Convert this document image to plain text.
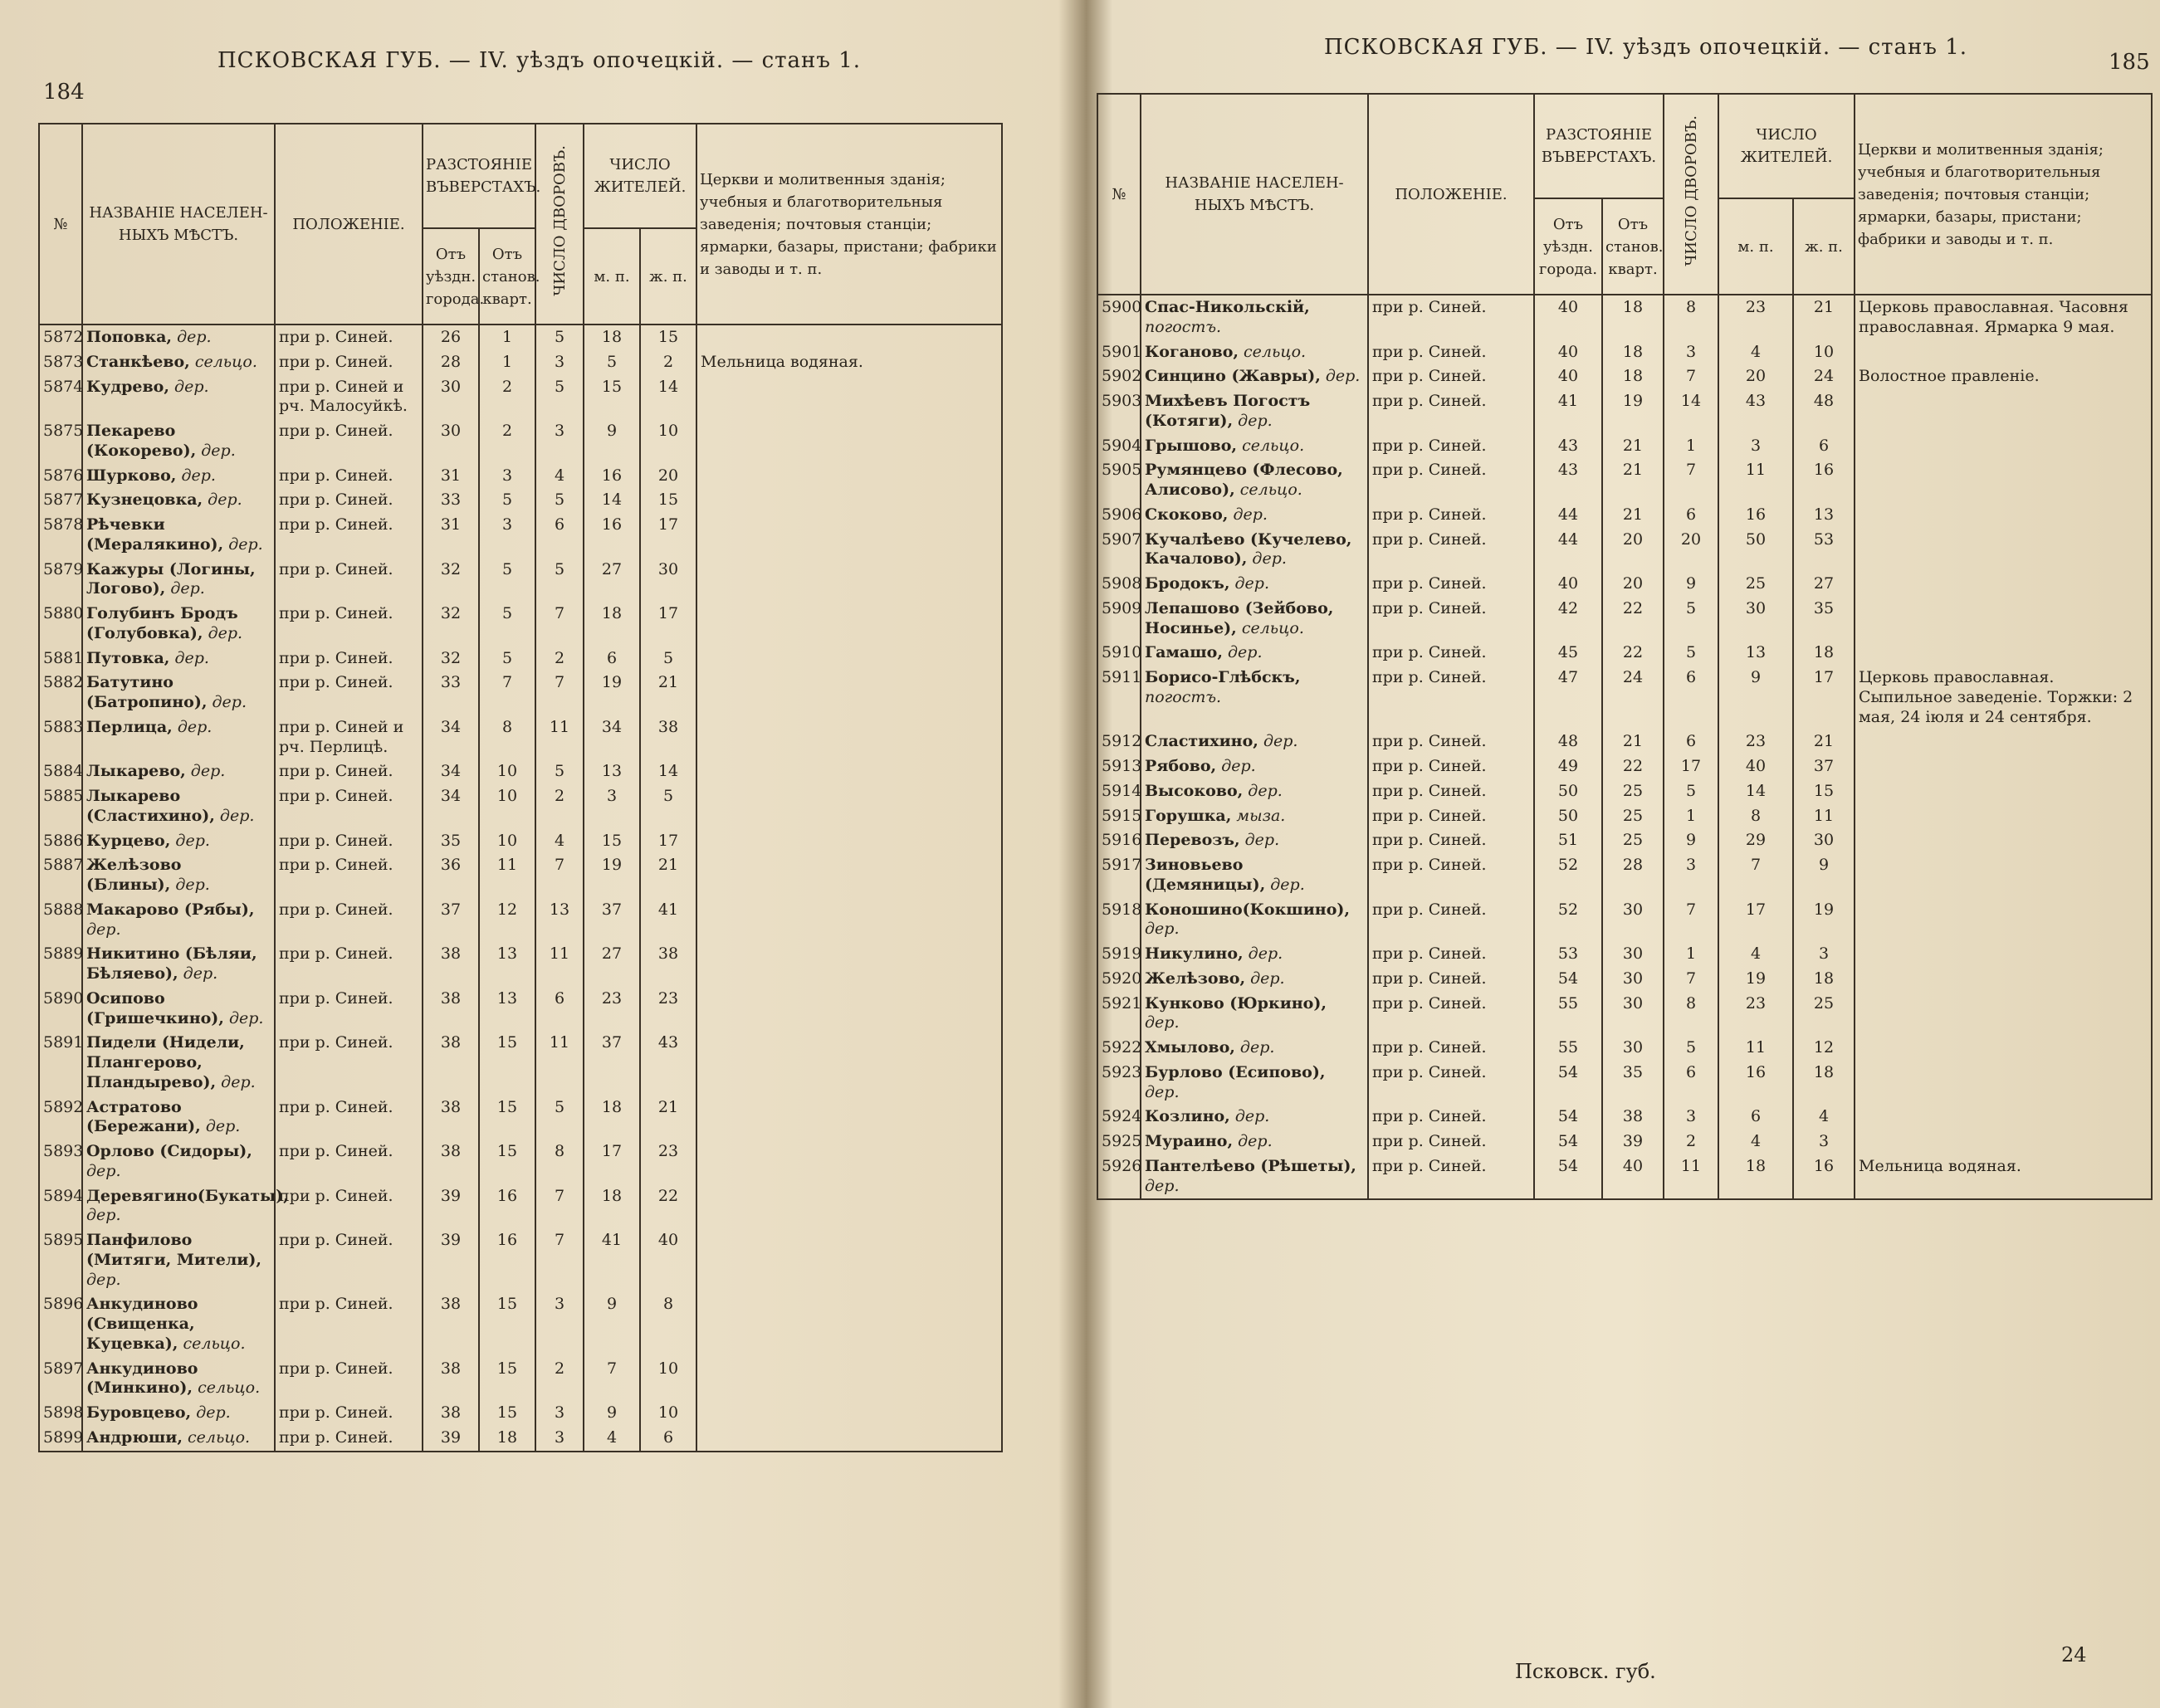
184
ПСКОВСКАЯ ГУБ. — IV. уѣздъ опочецкій. — станъ 1.
№	НАЗВАНІЕ НАСЕЛЕН-НЫХЪ МѢСТЪ.	ПОЛОЖЕНІЕ.	РАЗСТОЯНІЕ ВЪВЕРСТАХЪ.		ЧИСЛО ДВОРОВЪ.	ЧИСЛО ЖИТЕЛЕЙ.		Церкви и молитвенныя зданія; учебныя и благотворительныя заведенія; почтовыя станціи; ярмарки, базары, пристани; фабрики и заводы и т. п.
			Отъ уѣздн. города.	Отъ станов. кварт.		м. п.	ж. п.	
5872	Поповка, дер.	при р. Синей.	26	1	5	18	15	
5873	Станкѣево, сельцо.	при р. Синей.	28	1	3	5	2	Мельница водяная.
5874	Кудрево, дер.	при р. Синей и рч. Малосуйкѣ.	30	2	5	15	14	
5875	Пекарево (Кокорево), дер.	при р. Синей.	30	2	3	9	10	
5876	Шурково, дер.	при р. Синей.	31	3	4	16	20	
5877	Кузнецовка, дер.	при р. Синей.	33	5	5	14	15	
5878	Рѣчевки (Мералякино), дер.	при р. Синей.	31	3	6	16	17	
5879	Кажуры (Логины, Логово), дер.	при р. Синей.	32	5	5	27	30	
5880	Голубинъ Бродъ (Голубовка), дер.	при р. Синей.	32	5	7	18	17	
5881	Путовка, дер.	при р. Синей.	32	5	2	6	5	
5882	Батутино (Батропино), дер.	при р. Синей.	33	7	7	19	21	
5883	Перлица, дер.	при р. Синей и рч. Перлицѣ.	34	8	11	34	38	
5884	Лыкарево, дер.	при р. Синей.	34	10	5	13	14	
5885	Лыкарево (Сластихино), дер.	при р. Синей.	34	10	2	3	5	
5886	Курцево, дер.	при р. Синей.	35	10	4	15	17	
5887	Желѣзово (Блины), дер.	при р. Синей.	36	11	7	19	21	
5888	Макарово (Рябы), дер.	при р. Синей.	37	12	13	37	41	
5889	Никитино (Бѣляи, Бѣляево), дер.	при р. Синей.	38	13	11	27	38	
5890	Осипово (Гришечкино), дер.	при р. Синей.	38	13	6	23	23	
5891	Пидели (Нидели, Плангерово, Пландырево), дер.	при р. Синей.	38	15	11	37	43	
5892	Астратово (Бережани), дер.	при р. Синей.	38	15	5	18	21	
5893	Орлово (Сидоры), дер.	при р. Синей.	38	15	8	17	23	
5894	Деревягино(Букаты), дер.	при р. Синей.	39	16	7	18	22	
5895	Панфилово (Митяги, Мители), дер.	при р. Синей.	39	16	7	41	40	
5896	Анкудиново (Свищенка, Куцевка), сельцо.	при р. Синей.	38	15	3	9	8	
5897	Анкудиново (Минкино), сельцо.	при р. Синей.	38	15	2	7	10	
5898	Буровцево, дер.	при р. Синей.	38	15	3	9	10	
5899	Андрюши, сельцо.	при р. Синей.	39	18	3	4	6	
185
ПСКОВСКАЯ ГУБ. — IV. уѣздъ опочецкій. — станъ 1.
№	НАЗВАНІЕ НАСЕЛЕН-НЫХЪ МѢСТЪ.	ПОЛОЖЕНІЕ.	РАЗСТОЯНІЕ ВЪВЕРСТАХЪ.		ЧИСЛО ДВОРОВЪ.	ЧИСЛО ЖИТЕЛЕЙ.		Церкви и молитвенныя зданія; учебныя и благотворительныя заведенія; почтовыя станціи; ярмарки, базары, пристани; фабрики и заводы и т. п.
			Отъ уѣздн. города.	Отъ станов. кварт.		м. п.	ж. п.	
5900	Спас-Никольскій, погостъ.	при р. Синей.	40	18	8	23	21	Церковь православная. Часовня православная. Ярмарка 9 мая.
5901	Коганово, сельцо.	при р. Синей.	40	18	3	4	10	
5902	Синцино (Жавры), дер.	при р. Синей.	40	18	7	20	24	Волостное правленіе.
5903	Михѣевъ Погостъ (Котяги), дер.	при р. Синей.	41	19	14	43	48	
5904	Грышово, сельцо.	при р. Синей.	43	21	1	3	6	
5905	Румянцево (Флесово, Алисово), сельцо.	при р. Синей.	43	21	7	11	16	
5906	Скоково, дер.	при р. Синей.	44	21	6	16	13	
5907	Кучалѣево (Кучелево, Качалово), дер.	при р. Синей.	44	20	20	50	53	
5908	Бродокъ, дер.	при р. Синей.	40	20	9	25	27	
5909	Лепашово (Зейбово, Носинье), сельцо.	при р. Синей.	42	22	5	30	35	
5910	Гамашо, дер.	при р. Синей.	45	22	5	13	18	
5911	Борисо-Глѣбскъ, погостъ.	при р. Синей.	47	24	6	9	17	Церковь православная. Сыпильное заведеніе. Торжки: 2 мая, 24 іюля и 24 сентября.
5912	Сластихино, дер.	при р. Синей.	48	21	6	23	21	
5913	Рябово, дер.	при р. Синей.	49	22	17	40	37	
5914	Высоково, дер.	при р. Синей.	50	25	5	14	15	
5915	Горушка, мыза.	при р. Синей.	50	25	1	8	11	
5916	Перевозъ, дер.	при р. Синей.	51	25	9	29	30	
5917	Зиновьево (Демяницы), дер.	при р. Синей.	52	28	3	7	9	
5918	Коношино(Кокшино), дер.	при р. Синей.	52	30	7	17	19	
5919	Никулино, дер.	при р. Синей.	53	30	1	4	3	
5920	Желѣзово, дер.	при р. Синей.	54	30	7	19	18	
5921	Кунково (Юркино), дер.	при р. Синей.	55	30	8	23	25	
5922	Хмылово, дер.	при р. Синей.	55	30	5	11	12	
5923	Бурлово (Есипово), дер.	при р. Синей.	54	35	6	16	18	
5924	Козлино, дер.	при р. Синей.	54	38	3	6	4	
5925	Мураино, дер.	при р. Синей.	54	39	2	4	3	
5926	Пантелѣево (Рѣшеты), дер.	при р. Синей.	54	40	11	18	16	Мельница водяная.
Псковск. губ.
24
